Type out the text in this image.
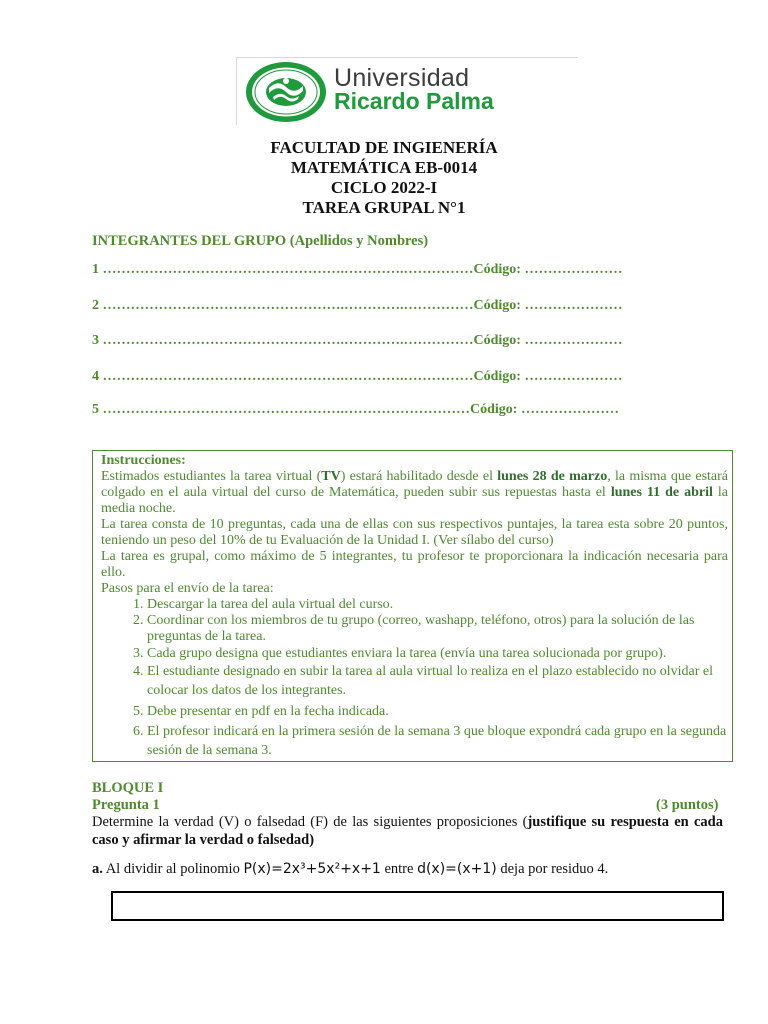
Universidad
Ricardo Palma
FACULTAD DE INGIENERÍA
MATEMÁTICA EB-0014
CICLO 2022-I
TAREA GRUPAL N°1
INTEGRANTES DEL GRUPO (Apellidos y Nombres)
1 …………………………………………….………….……………Código: …………………
2 …………………………………………….………….……………Código: …………………
3 …………………………………………….………….……………Código: …………………
4 …………………………………………….………….……………Código: …………………
5 …………………………………………….………………………Código: …………………
Instrucciones:
Estimados estudiantes la tarea virtual (TV) estará habilitado desde el lunes 28 de marzo, la misma que estará colgado en el aula virtual del curso de Matemática, pueden subir sus repuestas hasta el lunes 11 de abril la media noche.
La tarea consta de 10 preguntas, cada una de ellas con sus respectivos puntajes, la tarea esta sobre 20 puntos, teniendo un peso del 10% de tu Evaluación de la Unidad I. (Ver sílabo del curso)
La tarea es grupal, como máximo de 5 integrantes, tu profesor te proporcionara la indicación necesaria para ello.
Pasos para el envío de la tarea:
1. Descargar la tarea del aula virtual del curso.
2. Coordinar con los miembros de tu grupo (correo, washapp, teléfono, otros) para la solución de las preguntas de la tarea.
3. Cada grupo designa que estudiantes enviara la tarea (envía una tarea solucionada por grupo).
4. El estudiante designado en subir la tarea al aula virtual lo realiza en el plazo establecido no olvidar el colocar los datos de los integrantes.
5. Debe presentar en pdf en la fecha indicada.
6. El profesor indicará en la primera sesión de la semana 3 que bloque expondrá cada grupo en la segunda sesión de la semana 3.
BLOQUE I
Pregunta 1	(3 puntos)
Determine la verdad (V) o falsedad (F) de las siguientes proposiciones (justifique su respuesta en cada caso y afirmar la verdad o falsedad)
a. Al dividir al polinomio P(x)=2x³+5x²+x+1 entre d(x)=(x+1) deja por residuo 4.
